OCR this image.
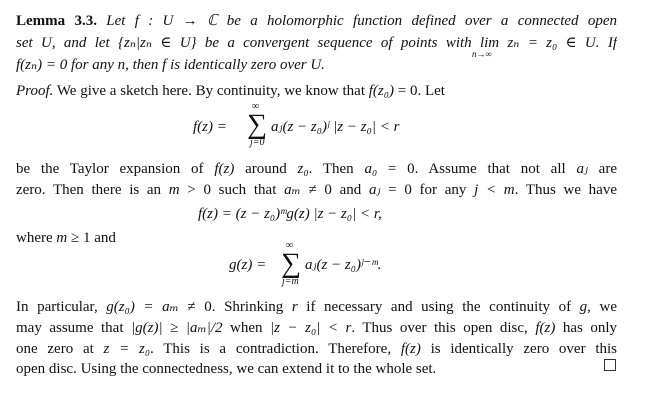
Lemma 3.3. Let f : U → ℂ be a holomorphic function defined over a connected open
set U, and let {zₙ|zₙ ∈ U} be a convergent sequence of points with lim zₙ = z₀ ∈ U. If
f(zₙ) = 0 for any n, then f is identically zero over U.
Proof. We give a sketch here. By continuity, we know that f(z₀) = 0. Let
be the Taylor expansion of f(z) around z₀. Then a₀ = 0. Assume that not all aⱼ are
zero. Then there is an m > 0 such that aₘ ≠ 0 and aⱼ = 0 for any j < m. Thus we have
where m ≥ 1 and
In particular, g(z₀) = aₘ ≠ 0. Shrinking r if necessary and using the continuity of g, we
may assume that |g(z)| ≥ |aₘ|/2 when |z − z₀| < r. Thus over this open disc, f(z) has only
one zero at z = z₀. This is a contradiction. Therefore, f(z) is identically zero over this
open disc. Using the connectedness, we can extend it to the whole set.
n→∞
f(z) =
∞
∑
j=0
aⱼ(z − z₀)ʲ |z − z₀| < r
f(z) = (z − z₀)ᵐg(z) |z − z₀| < r,
g(z) =
∞
∑
j=m
aⱼ(z − z₀)ʲ⁻ᵐ.
